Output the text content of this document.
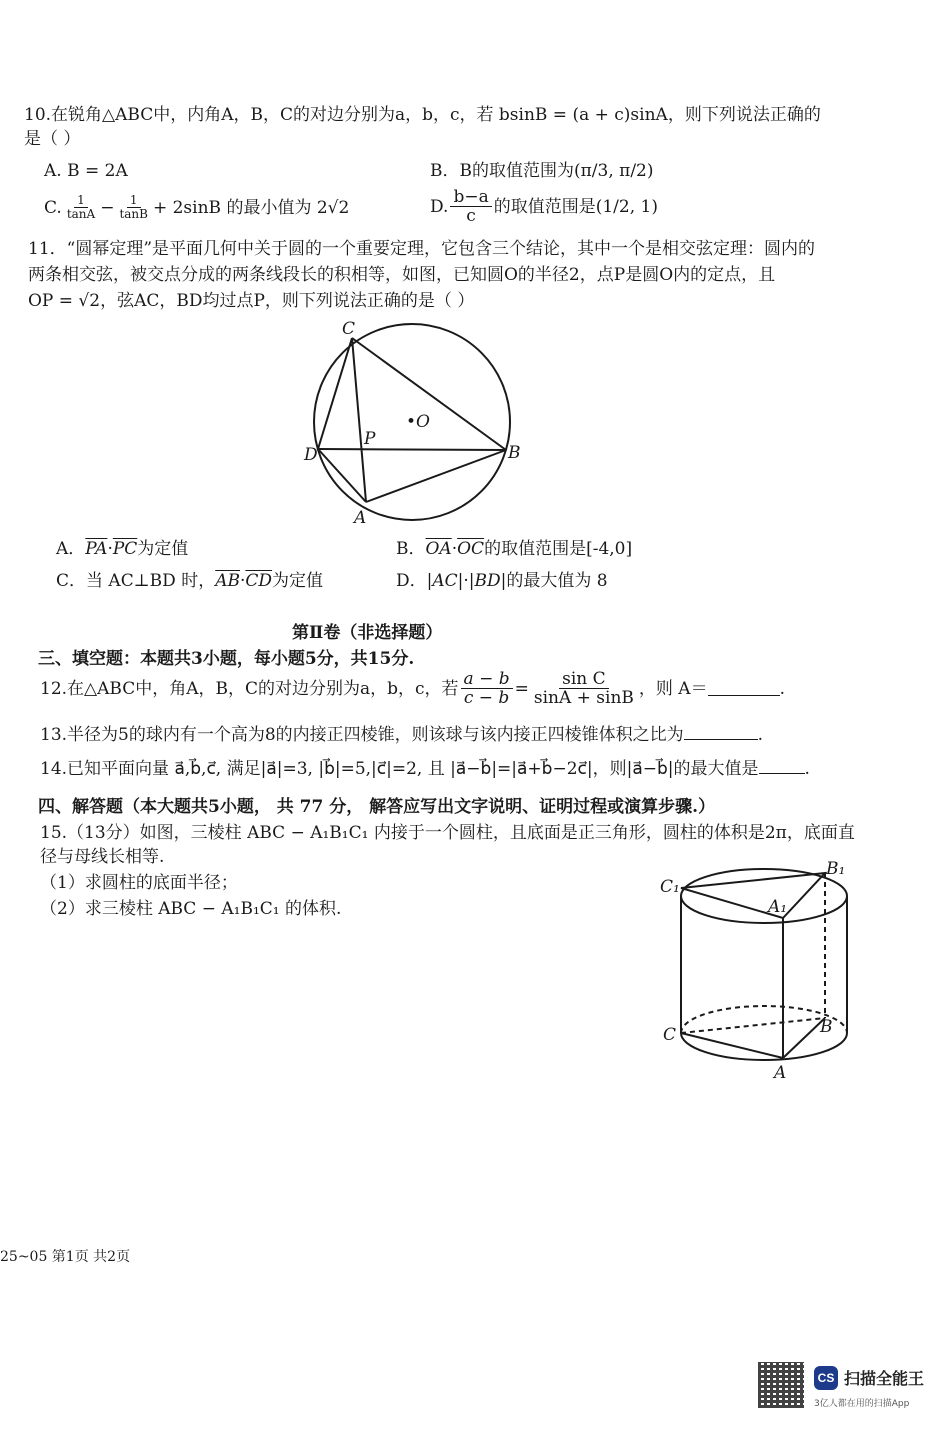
10.在锐角△ABC中，内角A，B，C的对边分别为a，b，c，若 bsinB = (a + c)sinA，则下列说法正确的
是（ ）
A. B = 2A	B．B的取值范围为(π/3, π/2)
C. $\frac{1}{\tan A} - \frac{1}{\tan B} + 2\sin B$ 的最小值为 2√2	D. $\frac{b-a}{c}$ 的取值范围是(1/2, 1)
11．“圆幂定理”是平面几何中关于圆的一个重要定理，它包含三个结论，其中一个是相交弦定理：圆内的
两条相交弦，被交点分成的两条线段长的积相等，如图，已知圆O的半径2，点P是圆O内的定点，且
OP = √2，弦AC，BD均过点P，则下列说法正确的是（ ）
C
•O
P
D	B
A
A．$\overline{PA}\cdot\overline{PC}$为定值	B．$\overline{OA}\cdot\overline{OC}$的取值范围是[-4,0]
C．当 AC⊥BD 时，$\overline{AB}\cdot\overline{CD}$为定值	D．|AC|·|BD|的最大值为 8
第Ⅱ卷（非选择题）
三、填空题：本题共3小题，每小题5分，共15分.
12.在△ABC中，角A，B，C的对边分别为a，b，c，若 $\frac{a - b}{c - b} = \frac{\text{sin C}}{\sin A + \sin B}$ ，则 A＝	.
13.半径为5的球内有一个高为8的内接正四棱锥，则该球与该内接正四棱锥体积之比为	.
14.已知平面向量 a⃗,b⃗,c⃗, 满足|a⃗|=3, |b⃗|=5,|c⃗|=2, 且 |a⃗−b⃗|=|a⃗+b⃗−2c⃗|，则|a⃗−b⃗|的最大值是	.
四、解答题（本大题共5小题， 共 77 分， 解答应写出文字说明、证明过程或演算步骤.）
15.（13分）如图，三棱柱 ABC − A₁B₁C₁ 内接于一个圆柱，且底面是正三角形，圆柱的体积是2π，底面直
径与母线长相等.
（1）求圆柱的底面半径；
（2）求三棱柱 ABC − A₁B₁C₁ 的体积.
C₁
B₁
A₁
C	B
A
25~05 第1页 共2页
CS 扫描全能王
3亿人都在用的扫描App
